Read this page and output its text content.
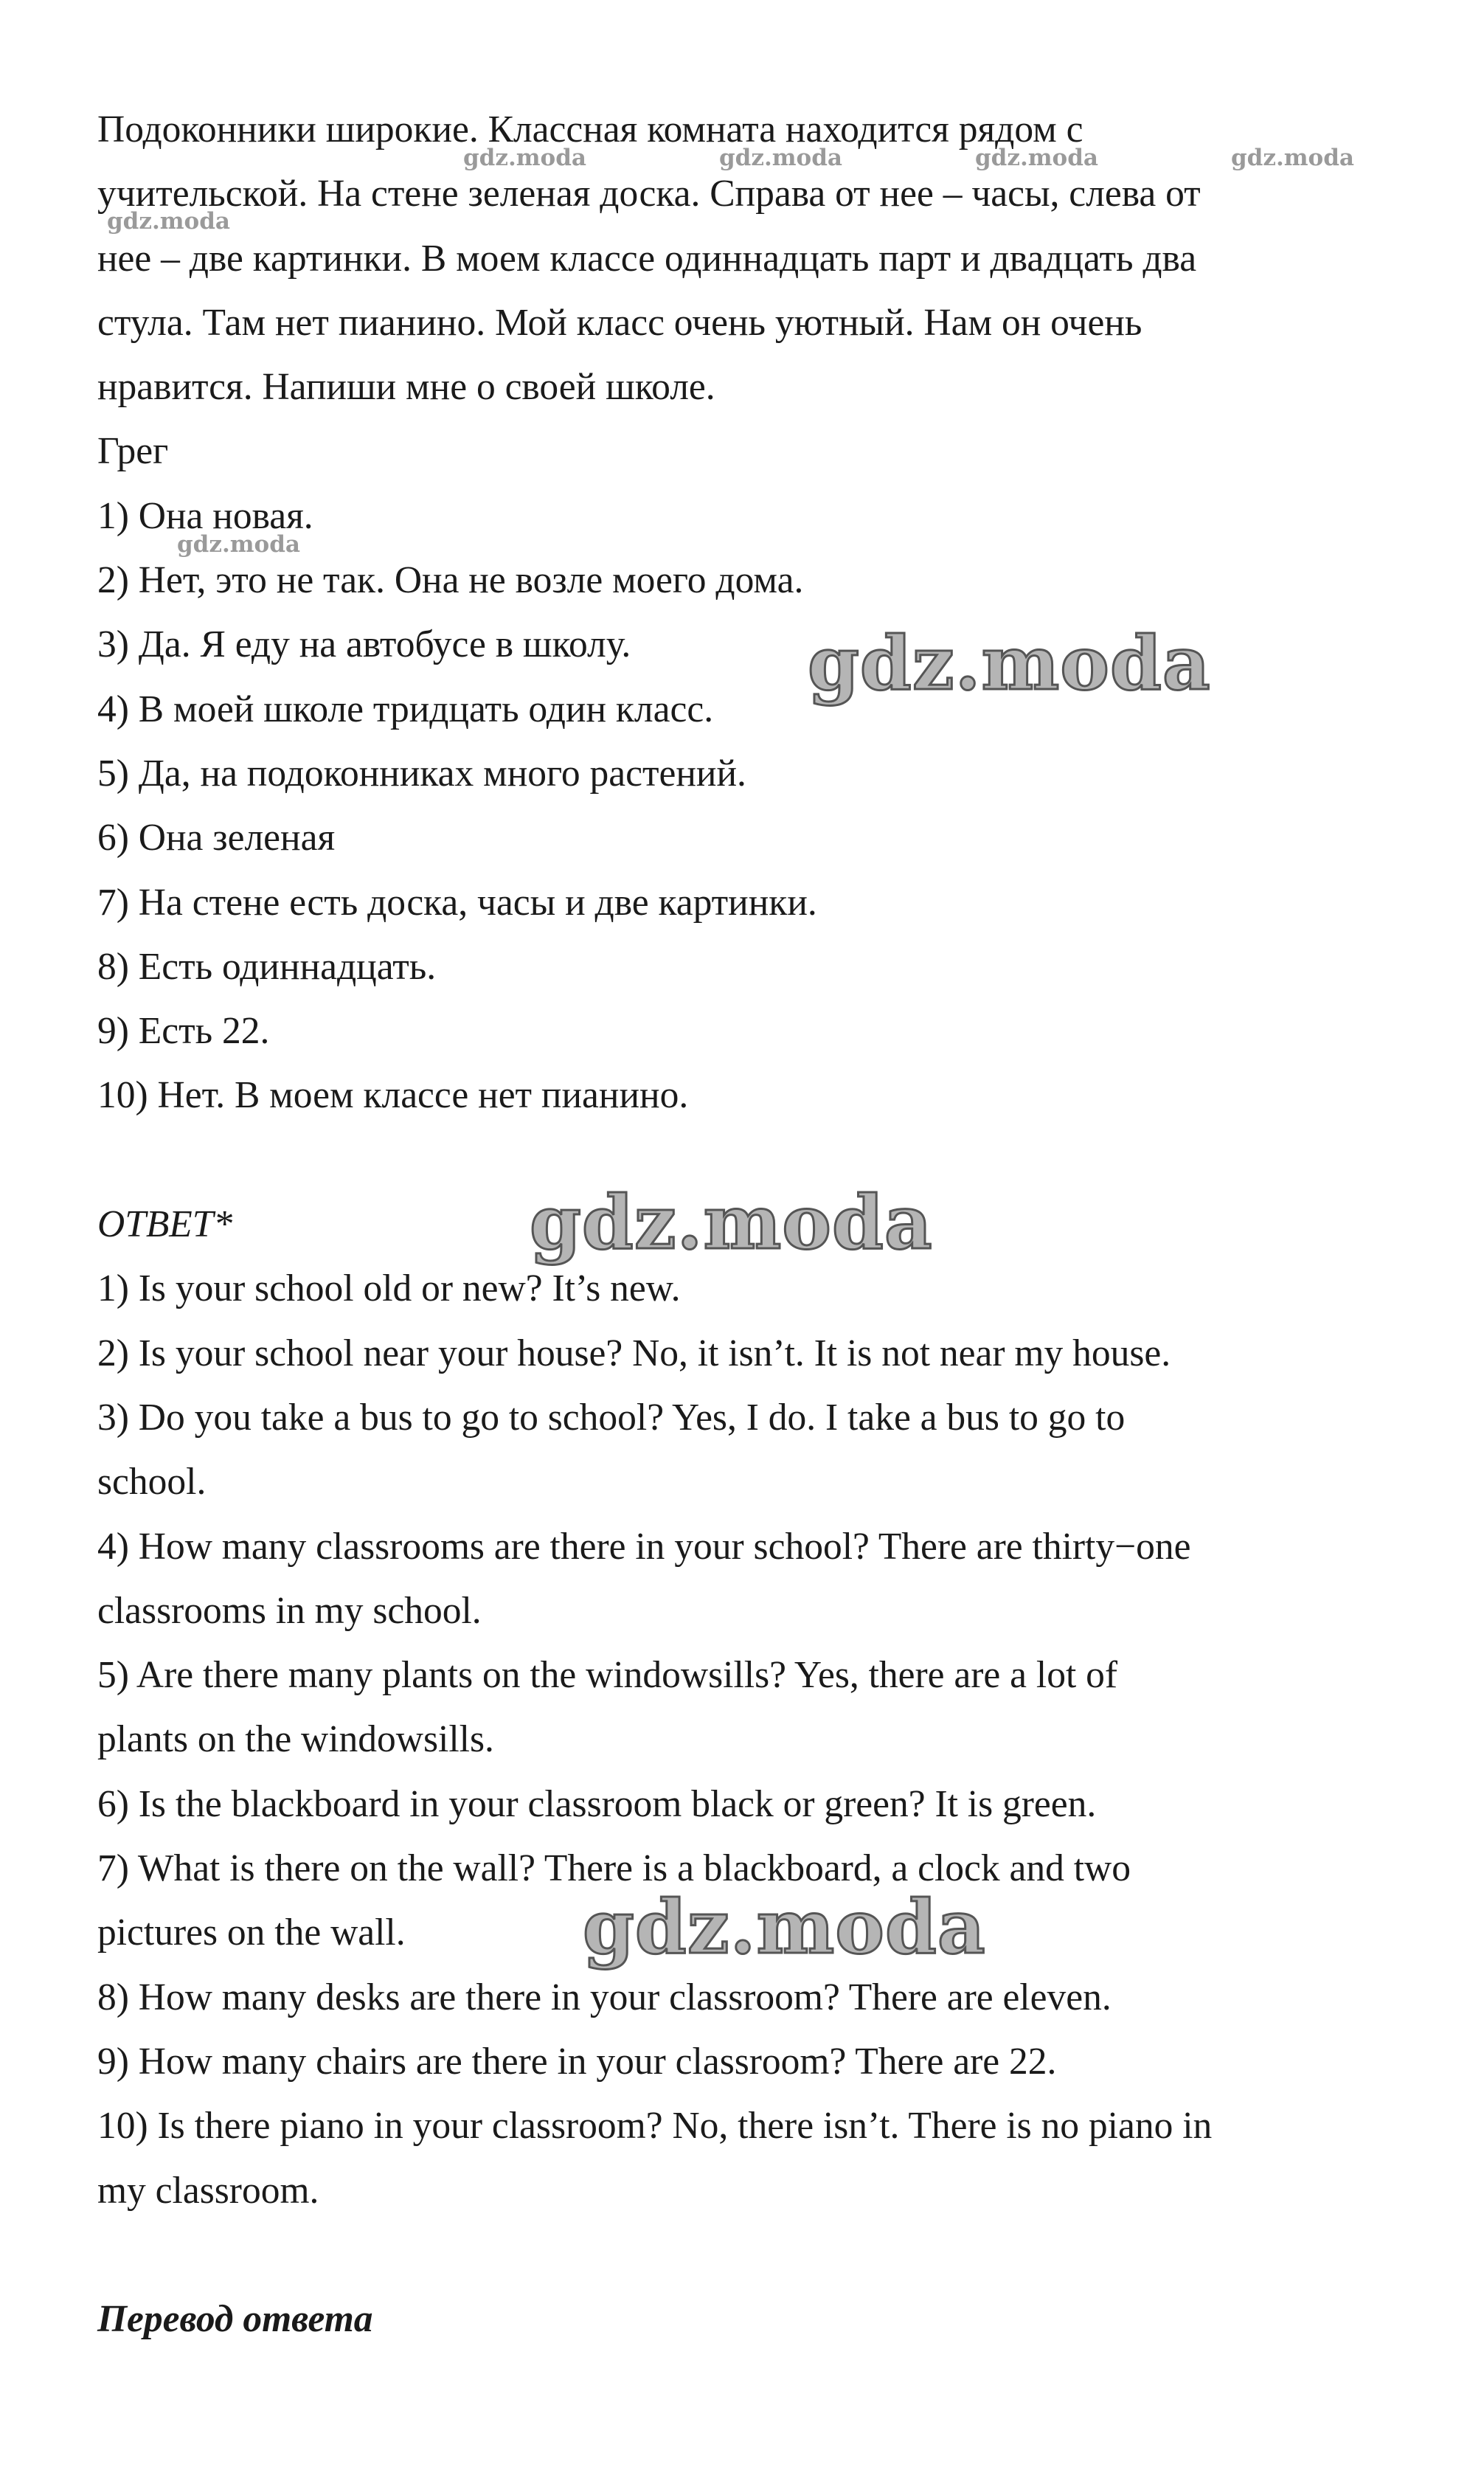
Подоконники широкие. Классная комната находится рядом с
учительской. На стене зеленая доска. Справа от нее – часы, слева от
нее – две картинки. В моем классе одиннадцать парт и двадцать два
стула. Там нет пианино. Мой класс очень уютный. Нам он очень
нравится. Напиши мне о своей школе.
Грег
1) Она новая.
2) Нет, это не так. Она не возле моего дома.
3) Да. Я еду на автобусе в школу.
4) В моей школе тридцать один класс.
5) Да, на подоконниках много растений.
6) Она зеленая
7) На стене есть доска, часы и две картинки.
8) Есть одиннадцать.
9) Есть 22.
10) Нет. В моем классе нет пианино.
ОТВЕТ*
1) Is your school old or new? It’s new.
2) Is your school near your house? No, it isn’t. It is not near my house.
3) Do you take a bus to go to school? Yes, I do. I take a bus to go to
school.
4) How many classrooms are there in your school? There are thirty−one
classrooms in my school.
5) Are there many plants on the windowsills? Yes, there are a lot of
plants on the windowsills.
6) Is the blackboard in your classroom black or green? It is green.
7) What is there on the wall? There is a blackboard, a clock and two
pictures on the wall.
8) How many desks are there in your classroom? There are eleven.
9) How many chairs are there in your classroom? There are 22.
10) Is there piano in your classroom? No, there isn’t. There is no piano in
my classroom.
Перевод ответа
gdz.moda	gdz.moda	gdz.moda	gdz.moda
gdz.moda
gdz.moda
gdz.moda
gdz.moda
gdz.moda
